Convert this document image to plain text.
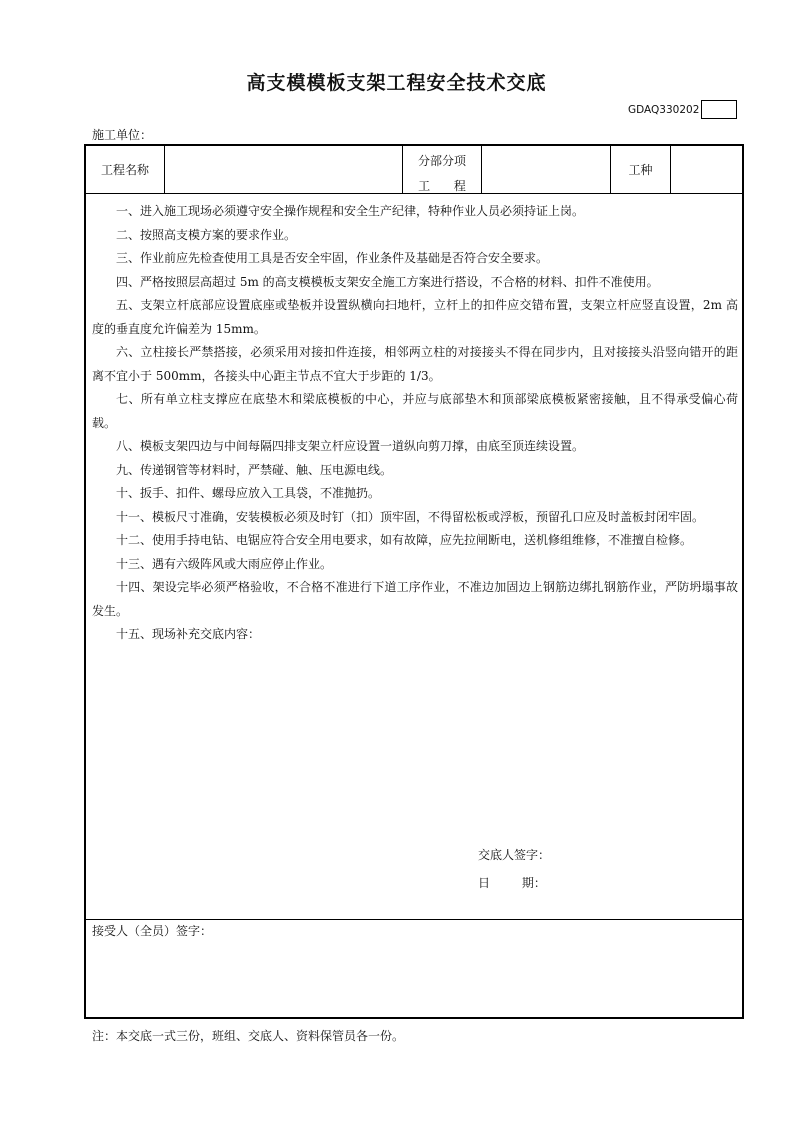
高支模模板支架工程安全技术交底
GDAQ330202
施工单位：
工程名称
分部分项
工 程
工种

一、进入施工现场必须遵守安全操作规程和安全生产纪律，特种作业人员必须持证上岗。

二、按照高支模方案的要求作业。

三、作业前应先检查使用工具是否安全牢固，作业条件及基础是否符合安全要求。

四、严格按照层高超过 5m 的高支模模板支架安全施工方案进行搭设，不合格的材料、扣件不准使用。

五、支架立杆底部应设置底座或垫板并设置纵横向扫地杆，立杆上的扣件应交错布置，支架立杆应竖直设置，2m 高度的垂直度允许偏差为 15mm。

六、立柱接长严禁搭接，必须采用对接扣件连接，相邻两立柱的对接接头不得在同步内，且对接接头沿竖向错开的距离不宜小于 500mm，各接头中心距主节点不宜大于步距的 1/3。

七、所有单立柱支撑应在底垫木和梁底模板的中心，并应与底部垫木和顶部梁底模板紧密接触，且不得承受偏心荷载。

八、模板支架四边与中间每隔四排支架立杆应设置一道纵向剪刀撑，由底至顶连续设置。

九、传递钢管等材料时，严禁碰、触、压电源电线。

十、扳手、扣件、螺母应放入工具袋，不准抛扔。

十一、模板尺寸准确，安装模板必须及时钉（扣）顶牢固，不得留松板或浮板，预留孔口应及时盖板封闭牢固。

十二、使用手持电钻、电锯应符合安全用电要求，如有故障，应先拉闸断电，送机修组维修，不准擅自检修。

十三、遇有六级阵风或大雨应停止作业。

十四、架设完毕必须严格验收，不合格不准进行下道工序作业，不准边加固边上钢筋边绑扎钢筋作业，严防坍塌事故发生。

十五、现场补充交底内容：

交底人签字：
日 期：
接受人（全员）签字：
注：本交底一式三份，班组、交底人、资料保管员各一份。
